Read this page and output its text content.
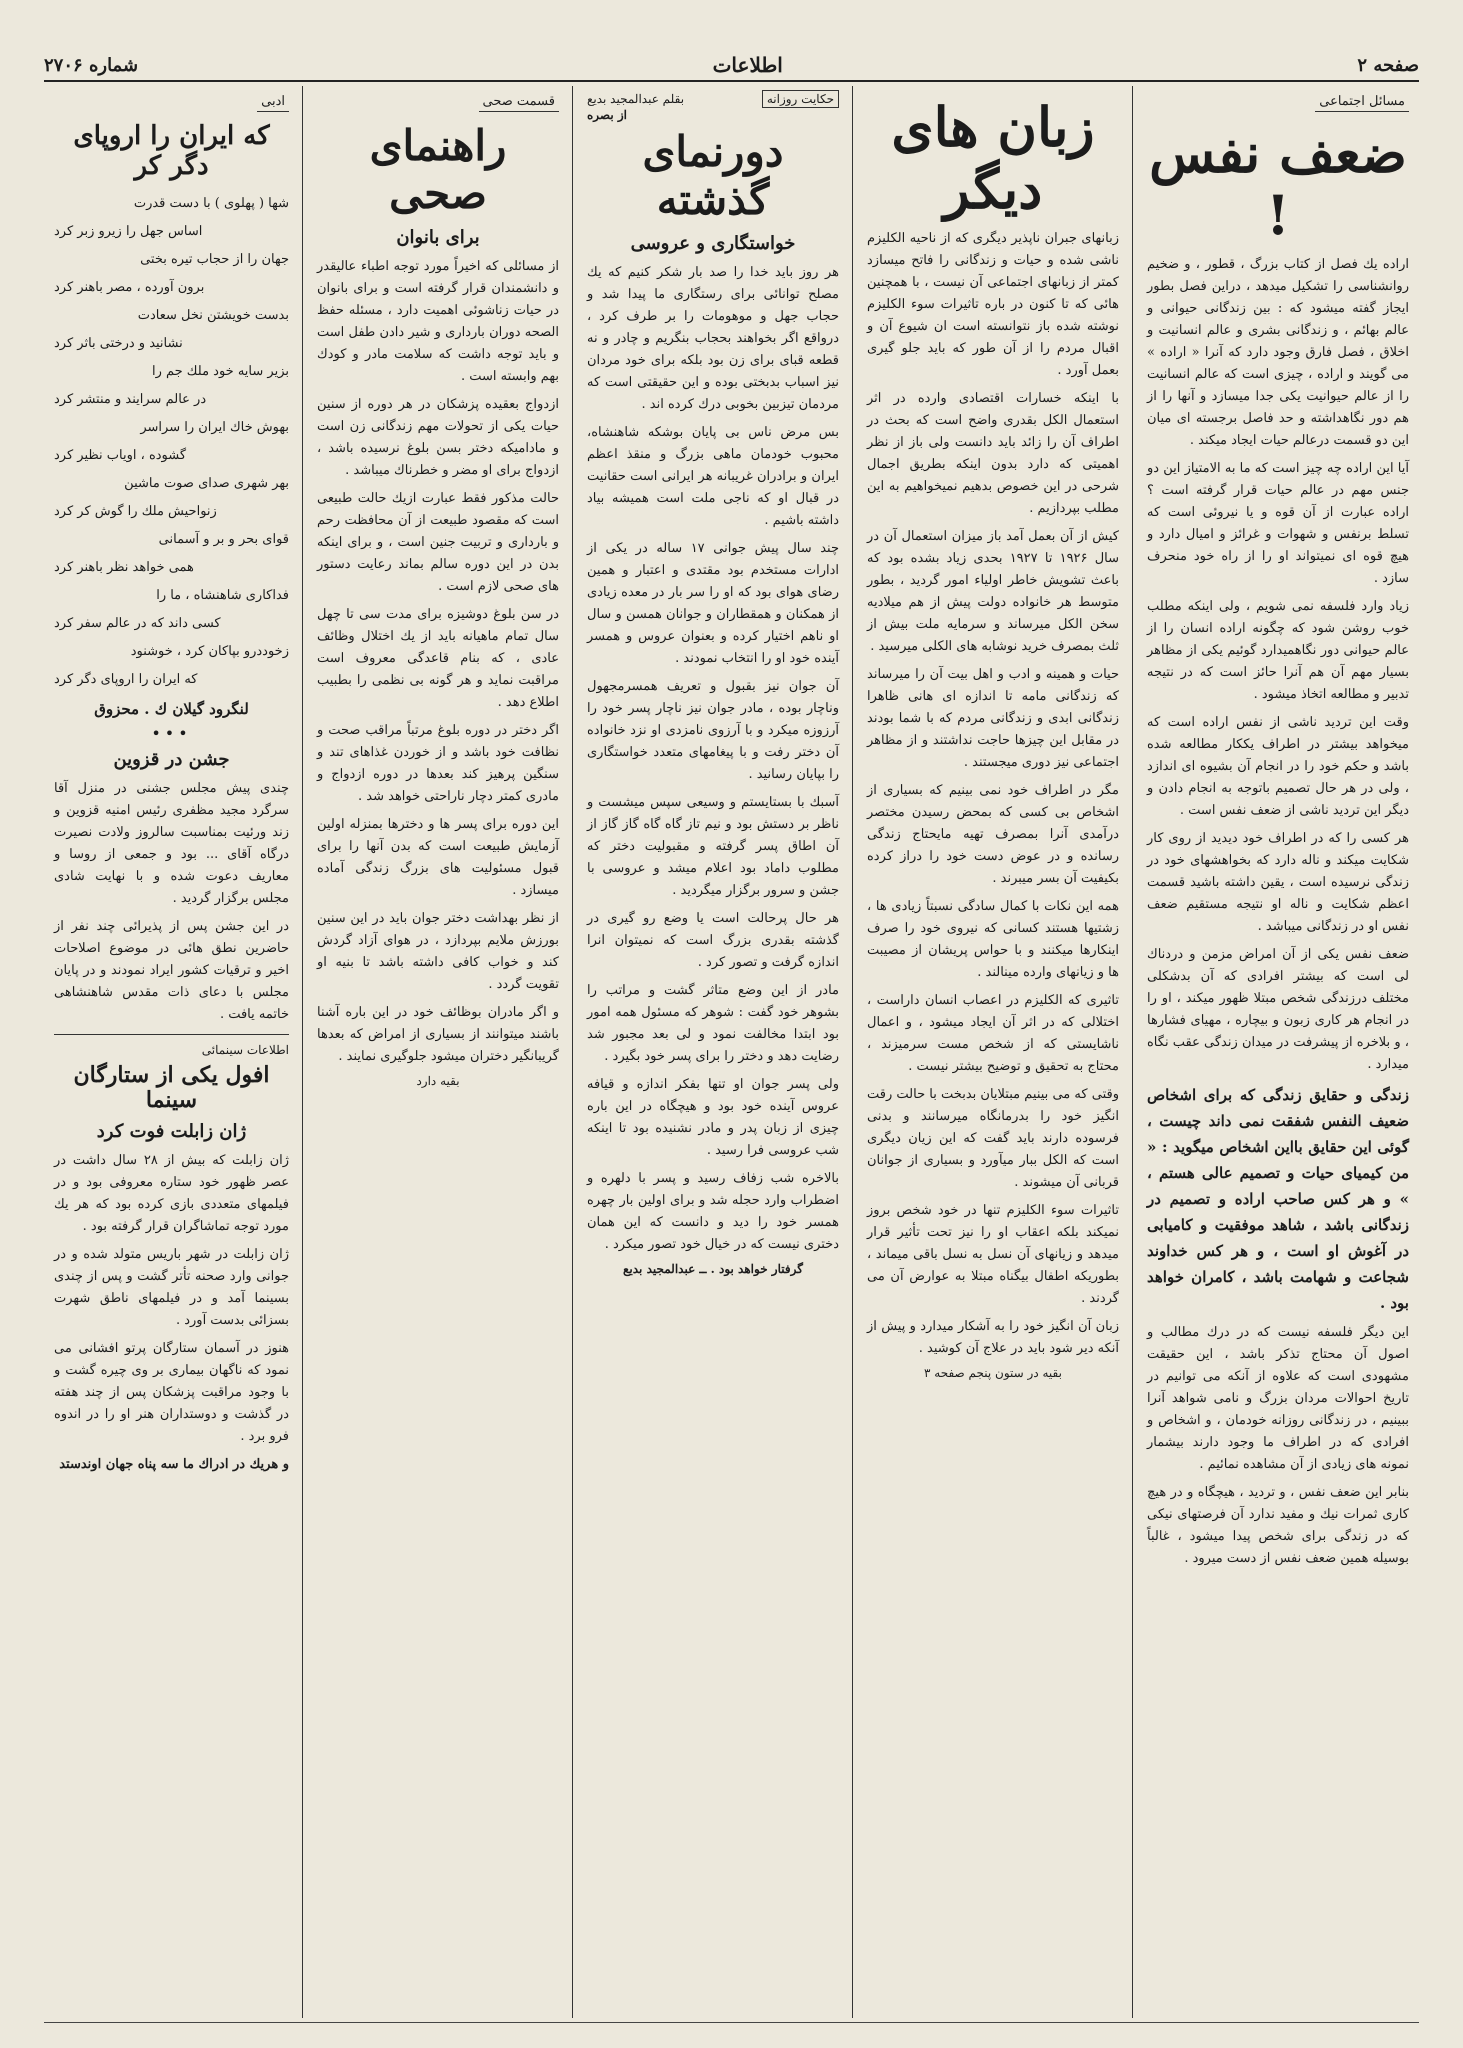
صفحه ۲
اطلاعات
شماره ۲۷۰۶
مسائل اجتماعی
ضعف نفس !

اراده یك فصل از كتاب بزرگ ، قطور ، و ضخیم روانشناسی را تشكیل میدهد ، دراین فصل بطور ایجاز گفته میشود كه : بین زندگانی حیوانی و عالم بهائم ، و زندگانی بشری و عالم انسانیت و اخلاق ، فصل فارق وجود دارد كه آنرا « اراده » می گویند و اراده ، چیزی است كه عالم انسانیت را از عالم حیوانیت یكی جدا میسازد و آنها را از هم دور نگاهداشته و حد فاصل برجسته ای میان این دو قسمت درعالم حیات ایجاد میكند .

آیا این اراده چه چیز است كه ما به الامتیاز این دو جنس مهم در عالم حیات قرار گرفته است ؟ اراده عبارت از آن قوه و یا نیروئی است كه تسلط برنفس و شهوات و غرائز و امیال دارد و هیچ قوه ای نمیتواند او را از راه خود منحرف سازد .

زیاد وارد فلسفه نمی شویم ، ولی اینكه مطلب خوب روشن شود كه چگونه اراده انسان را از عالم حیوانی دور نگاهمیدارد گوئیم یکی از مظاهر بسیار مهم آن هم آنرا حائز است كه در نتیجه تدبیر و مطالعه اتخاذ میشود .

وقت این تردید ناشی از نفس اراده است كه میخواهد بیشتر در اطراف یككار مطالعه شده باشد و حكم خود را در انجام آن بشیوه ای اندازد ، ولی در هر حال تصمیم باتوجه به انجام دادن و دیگر این تردید ناشی از ضعف نفس است .

هر كسی را كه در اطراف خود دیدید از روی كار شكایت میكند و ناله دارد كه بخواهشهای خود در زندگی نرسیده است ، یقین داشته باشید قسمت اعظم شكایت و ناله او نتیجه مستقیم ضعف نفس او در زندگانی میباشد .

ضعف نفس یكی از آن امراض مزمن و دردناك لی است كه بیشتر افرادی كه آن بدشكلی مختلف درزندگی شخص مبتلا ظهور میكند ، او را در انجام هر كاری زبون و بیچاره ، مهیای فشارها ، و بلاخره از پیشرفت در میدان زندگی عقب نگاه میدارد .

زندگی و حقایق زندگی كه برای اشخاص ضعیف النفس شفقت نمی داند چیست ، گوئی این حقایق بااین اشخاص میگوید : « من كیمیای حیات و تصمیم عالی هستم ، » و هر كس صاحب اراده و تصمیم در زندگانی باشد ، شاهد موفقیت و كامیابی در آغوش او است ، و هر كس خداوند شجاعت و شهامت باشد ، كامران خواهد بود .

این دیگر فلسفه نیست که در درك مطالب و اصول آن محتاج تذكر باشد ، این حقیقت مشهودی است كه علاوه از آنكه می توانیم در تاریخ احوالات مردان بزرگ و نامی شواهد آنرا ببینیم ، در زندگانی روزانه خودمان ، و اشخاص و افرادی كه در اطراف ما وجود دارند بیشمار نمونه های زیادی از آن مشاهده نمائیم .

بنابر این ضعف نفس ، و تردید ، هیچگاه و در هیچ كاری ثمرات نیك و مفید ندارد آن فرصتهای نیكی كه در زندگی برای شخص پیدا میشود ، غالباً بوسیله همین ضعف نفس از دست میرود .

زبان های دیگر

زبانهای جبران ناپذیر دیگری كه از ناحیه الكلیزم ناشی شده و حیات و زندگانی را فاتح میسازد كمتر از زبانهای اجتماعی آن نیست ، با همچنین هائی كه تا كنون در باره تاثیرات سوء الكلیزم نوشته شده باز نتوانسته است ان شیوع آن و اقبال مردم را از آن طور كه باید جلو گیری بعمل آورد .

با اینكه خسارات اقتصادی وارده در اثر استعمال الكل بقدری واضح است كه بحث در اطراف آن را زائد باید دانست ولی باز از نظر اهمیتی كه دارد بدون اینكه بطریق اجمال شرحی در این خصوص بدهیم نمیخواهیم به این مطلب بپردازیم .

كیش از آن بعمل آمد باز میزان استعمال آن در سال ۱۹۲۶ تا ۱۹۲۷ بحدی زیاد بشده بود كه باعث تشویش خاطر اولیاء امور گردید ، بطور متوسط هر خانواده دولت پیش از هم میلادیه سخن الكل میرساند و سرمایه ملت بیش از ثلث بمصرف خرید نوشابه های الكلی میرسید .

حیات و همینه و ادب و اهل بیت آن را میرساند كه زندگانی مامه تا اندازه ای هانی ظاهرا زندگانی ابدی و زندگانی مردم كه با شما بودند در مقابل این چیزها حاجت نداشتند و از مظاهر اجتماعی نیز دوری میجستند .

مگر در اطراف خود نمی بینیم كه بسیاری از اشخاص بی كسی كه بمحض رسیدن مختصر درآمدی آنرا بمصرف تهیه مایحتاج زندگی رسانده و در عوض دست خود را دراز كرده بكیفیت آن بسر میبرند .

همه این نكات با كمال سادگی نسبتاً زیادی ها ، زشتیها هستند كسانی كه نیروی خود را صرف اینكارها میكنند و با حواس پریشان از مصیبت ها و زیانهای وارده مینالند .

تاثیری كه الكلیزم در اعصاب انسان داراست ، اختلالی كه در اثر آن ایجاد میشود ، و اعمال ناشایستی كه از شخص مست سرمیزند ، محتاج به تحقیق و توضیح بیشتر نیست .

وقتی كه می بینیم مبتلایان بدبخت با حالت رقت انگیز خود را بدرمانگاه میرسانند و بدنی فرسوده دارند باید گفت كه این زیان دیگری است كه الكل ببار میآورد و بسیاری از جوانان قربانی آن میشوند .

تاثیرات سوء الكلیزم تنها در خود شخص بروز نمیكند بلكه اعقاب او را نیز تحت تأثیر قرار میدهد و زیانهای آن نسل به نسل باقی میماند ، بطوریكه اطفال بیگناه مبتلا به عوارض آن می گردند .

زبان آن انگیز خود را به آشكار میدارد و پیش از آنكه دیر شود باید در علاج آن كوشید .

بقیه در ستون پنجم صفحه ۳
حکایت روزانه
بقلم عبدالمجید بدیع
از بصره
دورنمای گذشته
خواستگاری و عروسی

هر روز باید خدا را صد بار شكر كنیم كه یك مصلح توانائی برای رستگاری ما پیدا شد و حجاب جهل و موهومات را بر طرف كرد ، درواقع اگر بخواهند بحجاب بنگریم و چادر و نه قطعه قبای برای زن بود بلكه برای خود مردان نیز اسباب بدبختی بوده و این حقیقتی است كه مردمان تیزبین بخوبی درك كرده اند .

بس مرض ناس بی پایان بوشكه شاهنشاه، محبوب خودمان ماهی بزرگ و منقذ اعظم ایران و برادران غریبانه هر ایرانی است حقانیت در قبال او كه ناجی ملت است همیشه بیاد داشته باشیم .

چند سال پیش جوانی ۱۷ ساله در یكی از ادارات مستخدم بود مقتدی و اعتبار و همین رضای هوای بود كه او را سر بار در معده زیادی از همکنان و همقطاران و جوانان همسن و سال او ناهم اختیار كرده و بعنوان عروس و همسر آینده خود او را انتخاب نمودند .

آن جوان نیز بقبول و تعریف همسرمجهول وناچار بوده ، مادر جوان نیز ناچار پسر خود را آرزوزه میکرد و با آرزوی نامزدی او نزد خانواده آن دختر رفت و با پیغامهای متعدد خواستگاری را بپایان رسانید .

آسبك با بستایستم و وسیعی سپس میشست و ناظر بر دستش بود و نیم تاز گاه گاه گاز گاز از آن اطاق پسر گرفته و مقبولیت دختر كه مطلوب داماد بود اعلام میشد و عروسی با جشن و سرور برگزار میگردید .

هر حال پرحالت است یا وضع رو گیری در گذشته بقدری بزرگ است كه نمیتوان انرا اندازه گرفت و تصور كرد .

مادر از این وضع متاثر گشت و مراتب را بشوهر خود گفت : شوهر كه مسئول همه امور بود ابتدا مخالفت نمود و لی بعد مجبور شد رضایت دهد و دختر را برای پسر خود بگیرد .

ولی پسر جوان او تنها بفكر اندازه و قیافه عروس آینده خود بود و هیچگاه در این باره چیزی از زبان پدر و مادر نشنیده بود تا اینکه شب عروسی فرا رسید .

بالاخره شب زفاف رسید و پسر با دلهره و اضطراب وارد حجله شد و برای اولین بار چهره همسر خود را دید و دانست كه این همان دختری نیست كه در خیال خود تصور میكرد .

گرفتار خواهد بود . ــ عبدالمجید بدیع
قسمت صحی
راهنمای صحی
برای بانوان

از مسائلی كه اخیراً مورد توجه اطباء عالیقدر و دانشمندان قرار گرفته است و برای بانوان در حیات زناشوئی اهمیت دارد ، مسئله حفظ الصحه دوران بارداری و شیر دادن طفل است و باید توجه داشت كه سلامت مادر و كودك بهم وابسته است .

ازدواج بعقیده پزشكان در هر دوره از سنین حیات یكی از تحولات مهم زندگانی زن است و مادامیكه دختر بسن بلوغ نرسیده باشد ، ازدواج برای او مضر و خطرناك میباشد .

حالت مذكور فقط عبارت ازیك حالت طبیعی است كه مقصود طبیعت از آن محافظت رحم و بارداری و تربیت جنین است ، و برای اینكه بدن در این دوره سالم بماند رعایت دستور های صحی لازم است .

در سن بلوغ دوشیزه برای مدت سی تا چهل سال تمام ماهیانه باید از یك اختلال وظائف عادی ، كه بنام قاعدگی معروف است مراقبت نماید و هر گونه بی نظمی را بطبیب اطلاع دهد .

اگر دختر در دوره بلوغ مرتباً مراقب صحت و نظافت خود باشد و از خوردن غذاهای تند و سنگین پرهیز كند بعدها در دوره ازدواج و مادری كمتر دچار ناراحتی خواهد شد .

این دوره برای پسر ها و دخترها بمنزله اولین آزمایش طبیعت است كه بدن آنها را برای قبول مسئولیت های بزرگ زندگی آماده میسازد .

از نظر بهداشت دختر جوان باید در این سنین بورزش ملایم بپردازد ، در هوای آزاد گردش كند و خواب كافی داشته باشد تا بنیه او تقویت گردد .

و اگر مادران بوظائف خود در این باره آشنا باشند میتوانند از بسیاری از امراض كه بعدها گریبانگیر دختران میشود جلوگیری نمایند .

بقیه دارد
ادبی
که ایران را اروپای دگر کر
شها ( پهلوی ) با دست قدرت
اساس جهل را زیرو زبر كرد
جهان را از حجاب تیره بختی
برون آورده ، مصر باهنر كرد
بدست خویشتن نخل سعادت
نشانید و درختی باثر كرد
بزیر سایه خود ملك جم را
در عالم سرایند و منتشر كرد
بهوش خاك ایران را سراسر
گشوده ، اویاب نظیر كرد
بهر شهری صدای صوت ماشین
زنواحیش ملك را گوش كر كرد
قوای بحر و بر و آسمانی
همی خواهد نظر باهنر كرد
فداكاری شاهنشاه ، ما را
كسی داند كه در عالم سفر كرد
زخوددرو بپاكان كرد ، خوشنود
كه ایران را اروپای دگر كرد
لنگرود گیلان ك . محزوق
•••
جشن در قزوین

چندی پیش مجلس جشنی در منزل آقا سرگرد مجید مظفری رئیس امنیه قزوین و زند ورئیت بمناسبت سالروز ولادت نصیرت درگاه آقای ... بود و جمعی از روسا و معاریف دعوت شده و با نهایت شادی مجلس برگزار گردید .

در این جشن پس از پذیرائی چند نفر از حاضرین نطق هائی در موضوع اصلاحات اخیر و ترقیات كشور ایراد نمودند و در پایان مجلس با دعای ذات مقدس شاهنشاهی خاتمه یافت .

اطلاعات سینمائی
افول یکی از ستارگان سینما
ژان زابلت فوت کرد

ژان زابلت كه بیش از ۲۸ سال داشت در عصر ظهور خود ستاره معروفی بود و در فیلمهای متعددی بازی كرده بود كه هر یك مورد توجه تماشاگران قرار گرفته بود .

ژان زابلت در شهر باریس متولد شده و در جوانی وارد صحنه تأتر گشت و پس از چندی بسینما آمد و در فیلمهای ناطق شهرت بسزائی بدست آورد .

هنوز در آسمان ستارگان پرتو افشانی می نمود كه ناگهان بیماری بر وی چیره گشت و با وجود مراقبت پزشكان پس از چند هفته در گذشت و دوستداران هنر او را در اندوه فرو برد .

و هریك در ادراك ما سه پناه جهان اوندستد
